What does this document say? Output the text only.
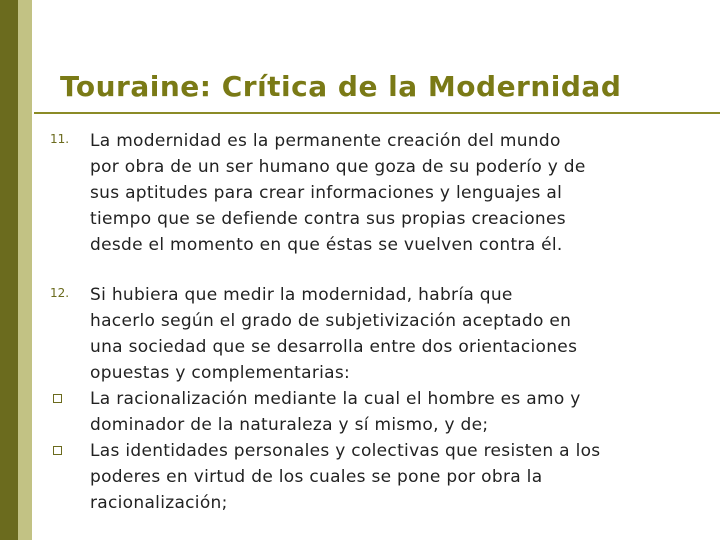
Touraine: Crítica de la Modernidad
11.	La modernidad es la permanente creación del mundo
por obra de un ser humano que goza de su poderío y de
sus aptitudes para crear informaciones y lenguajes al
tiempo que se defiende contra sus propias creaciones
desde el momento en que éstas se vuelven contra él.
12.	Si hubiera que medir la modernidad, habría que
hacerlo según el grado de subjetivización aceptado en
una sociedad que se desarrolla entre dos orientaciones
opuestas y complementarias:
La racionalización mediante la cual el hombre es amo y
dominador de la naturaleza y sí mismo, y de;
Las identidades personales y colectivas que resisten a los
poderes en virtud de los cuales se pone por obra la
racionalización;
